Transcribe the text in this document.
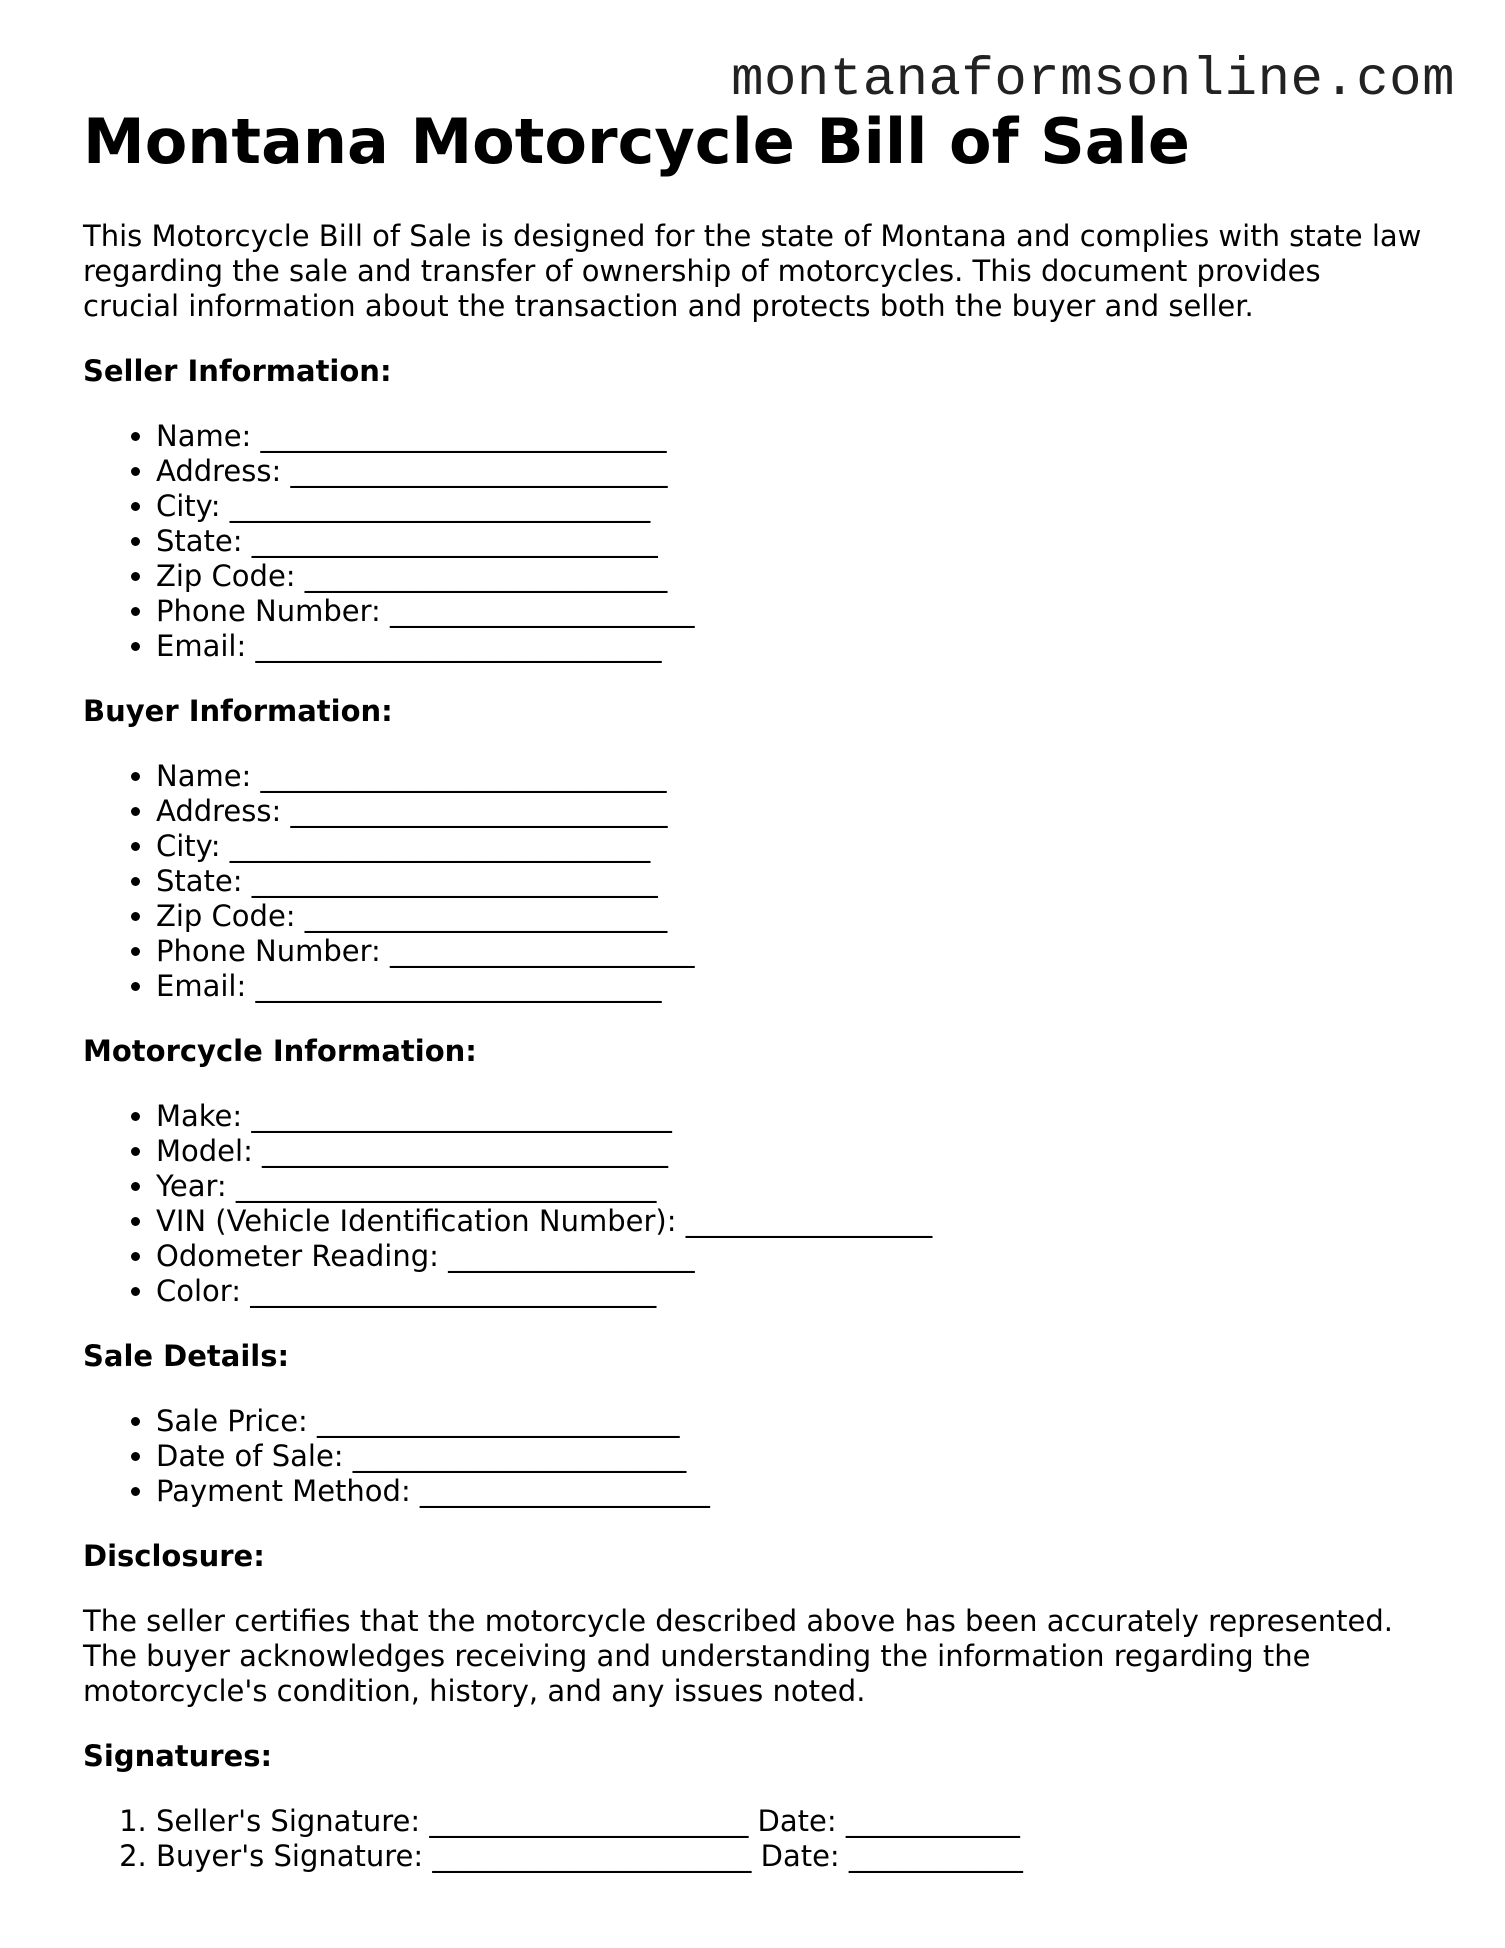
montanaformsonline.com
Montana Motorcycle Bill of Sale

This Motorcycle Bill of Sale is designed for the state of Montana and complies with state law regarding the sale and transfer of ownership of motorcycles. This document provides crucial information about the transaction and protects both the buyer and seller.

Seller Information:
• Name: ____________________________
• Address: __________________________
• City: _____________________________
• State: ____________________________
• Zip Code: _________________________
• Phone Number: _____________________
• Email: ____________________________
Buyer Information:
• Name: ____________________________
• Address: __________________________
• City: _____________________________
• State: ____________________________
• Zip Code: _________________________
• Phone Number: _____________________
• Email: ____________________________
Motorcycle Information:
• Make: _____________________________
• Model: ____________________________
• Year: _____________________________
• VIN (Vehicle Identification Number): _________________
• Odometer Reading: _________________
• Color: ____________________________
Sale Details:
• Sale Price: _________________________
• Date of Sale: _______________________
• Payment Method: ____________________
Disclosure:

The seller certifies that the motorcycle described above has been accurately represented. The buyer acknowledges receiving and understanding the information regarding the motorcycle's condition, history, and any issues noted.

Signatures:
1. Seller's Signature: ______________________ Date: ____________
2. Buyer's Signature: ______________________ Date: ____________
